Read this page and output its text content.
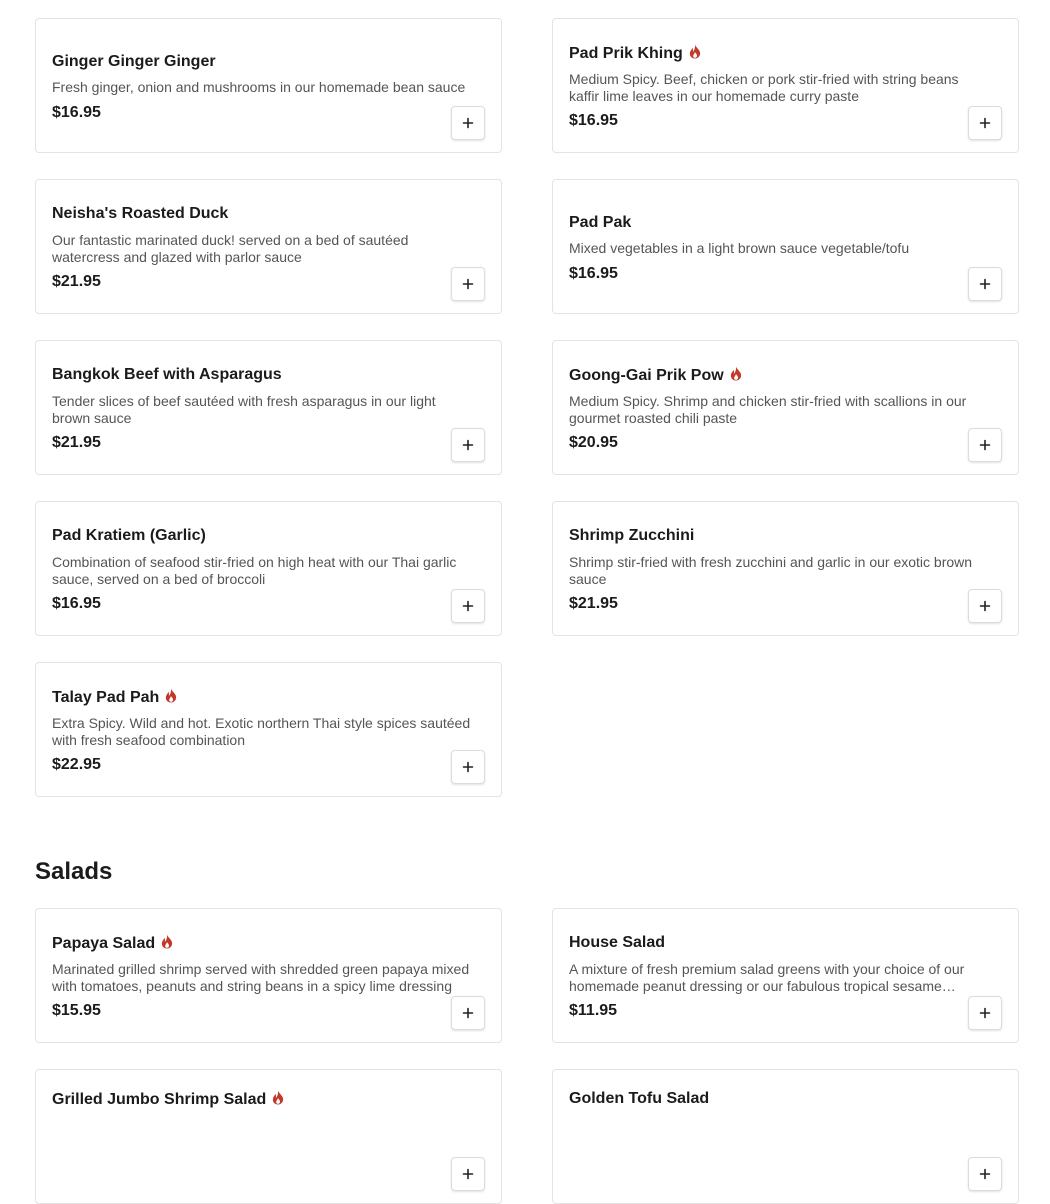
Ginger Ginger Ginger
Fresh ginger, onion and mushrooms in our homemade bean sauce
$16.95
Pad Prik Khing
Medium Spicy. Beef, chicken or pork stir-fried with string beans kaffir lime leaves in our homemade curry paste
$16.95
Neisha's Roasted Duck
Our fantastic marinated duck! served on a bed of sautéed watercress and glazed with parlor sauce
$21.95
Pad Pak
Mixed vegetables in a light brown sauce vegetable/tofu
$16.95
Bangkok Beef with Asparagus
Tender slices of beef sautéed with fresh asparagus in our light brown sauce
$21.95
Goong-Gai Prik Pow
Medium Spicy. Shrimp and chicken stir-fried with scallions in our gourmet roasted chili paste
$20.95
Pad Kratiem (Garlic)
Combination of seafood stir-fried on high heat with our Thai garlic sauce, served on a bed of broccoli
$16.95
Shrimp Zucchini
Shrimp stir-fried with fresh zucchini and garlic in our exotic brown sauce
$21.95
Talay Pad Pah
Extra Spicy. Wild and hot. Exotic northern Thai style spices sautéed with fresh seafood combination
$22.95
Salads
Papaya Salad
Marinated grilled shrimp served with shredded green papaya mixed with tomatoes, peanuts and string beans in a spicy lime dressing
$15.95
House Salad
A mixture of fresh premium salad greens with your choice of our homemade peanut dressing or our fabulous tropical sesame
$11.95
Grilled Jumbo Shrimp Salad	Golden Tofu Salad
